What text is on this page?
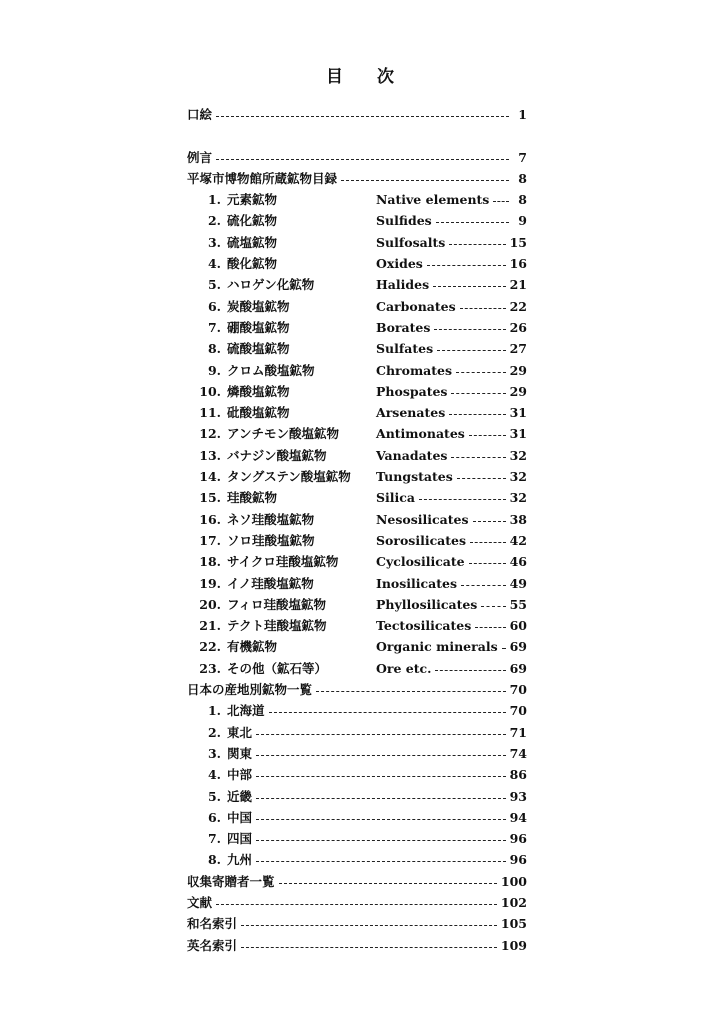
目 次
口絵	1
例言	7
平塚市博物館所蔵鉱物目録	8
1. 元素鉱物	Native elements	8
2. 硫化鉱物	Sulfides	9
3. 硫塩鉱物	Sulfosalts	15
4. 酸化鉱物	Oxides	16
5. ハロゲン化鉱物	Halides	21
6. 炭酸塩鉱物	Carbonates	22
7. 硼酸塩鉱物	Borates	26
8. 硫酸塩鉱物	Sulfates	27
9. クロム酸塩鉱物	Chromates	29
10. 燐酸塩鉱物	Phospates	29
11. 砒酸塩鉱物	Arsenates	31
12. アンチモン酸塩鉱物	Antimonates	31
13. バナジン酸塩鉱物	Vanadates	32
14. タングステン酸塩鉱物 Tungstates	32
15. 珪酸鉱物	Silica	32
16. ネソ珪酸塩鉱物	Nesosilicates	38
17. ソロ珪酸塩鉱物	Sorosilicates	42
18. サイクロ珪酸塩鉱物	Cyclosilicate	46
19. イノ珪酸塩鉱物	Inosilicates	49
20. フィロ珪酸塩鉱物	Phyllosilicates	55
21. テクト珪酸塩鉱物	Tectosilicates	60
22. 有機鉱物	Organic minerals 69
23. その他（鉱石等）	Ore etc.	69
日本の産地別鉱物一覧	70
1. 北海道	70
2. 東北	71
3. 関東	74
4. 中部	86
5. 近畿	93
6. 中国	94
7. 四国	96
8. 九州	96
収集寄贈者一覧	100
文献	102
和名索引	105
英名索引	109
